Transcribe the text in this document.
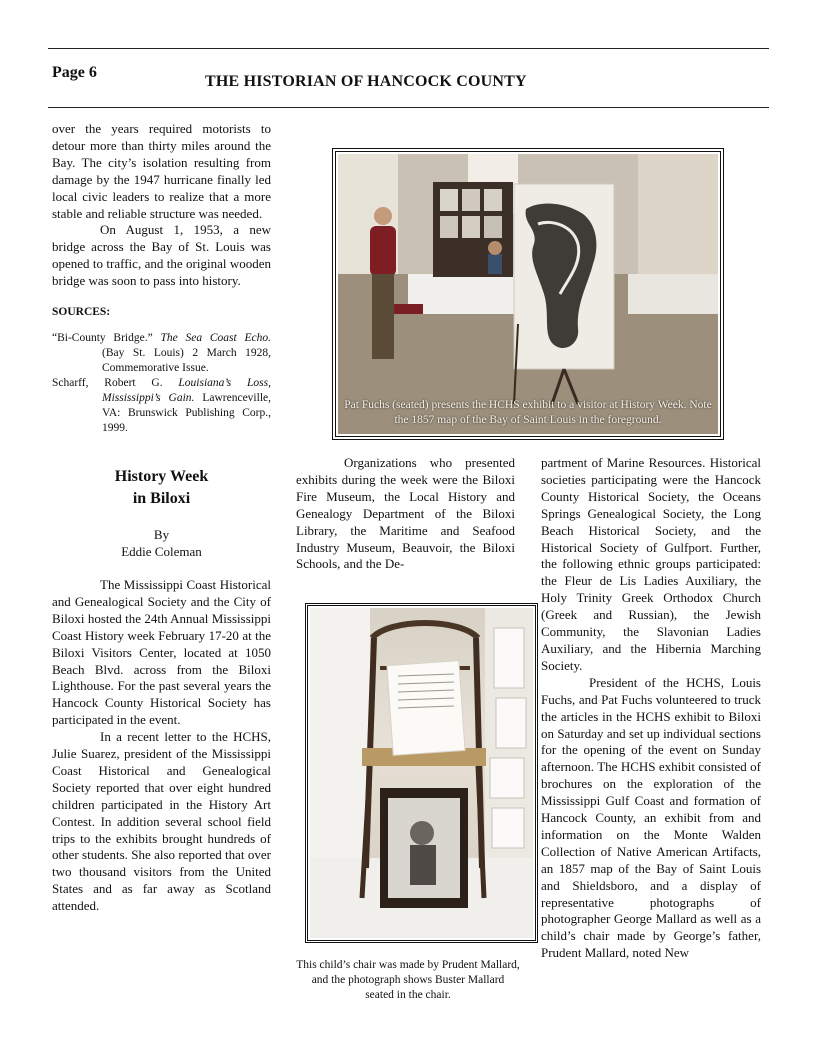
Page 6
THE HISTORIAN OF HANCOCK COUNTY

over the years required motorists to detour more than thirty miles around the Bay. The city’s isolation resulting from damage by the 1947 hurricane finally led local civic leaders to realize that a more stable and reliable structure was needed.

On August 1, 1953, a new bridge across the Bay of St. Louis was opened to traffic, and the original wooden bridge was soon to pass into history.

SOURCES:

“Bi-County Bridge.” The Sea Coast Echo. (Bay St. Louis) 2 March 1928, Commemorative Issue.

Scharff, Robert G. Louisiana’s Loss, Mississippi’s Gain. Lawrenceville, VA: Brunswick Publishing Corp., 1999.

History Week
in Biloxi
By
Eddie Coleman

The Mississippi Coast Historical and Genealogical Society and the City of Biloxi hosted the 24th Annual Mississippi Coast History week February 17-20 at the Biloxi Visitors Center, located at 1050 Beach Blvd. across from the Biloxi Lighthouse. For the past several years the Hancock County Historical Society has participated in the event.

In a recent letter to the HCHS, Julie Suarez, president of the Mississippi Coast Historical and Genealogical Society reported that over eight hundred children participated in the History Art Contest. In addition several school field trips to the exhibits brought hundreds of other students. She also reported that over two thousand visitors from the United States and as far away as Scotland attended.

Pat Fuchs (seated) presents the HCHS exhibit to a visitor at History Week. Note the 1857 map of the Bay of Saint Louis in the foreground.

Organizations who presented exhibits during the week were the Biloxi Fire Museum, the Local History and Genealogy Department of the Biloxi Library, the Maritime and Seafood Industry Museum, Beauvoir, the Biloxi Schools, and the De-

This child’s chair was made by Prudent Mallard, and the photograph shows Buster Mallard seated in the chair.

partment of Marine Resources. Historical societies participating were the Hancock County Historical Society, the Oceans Springs Genealogical Society, the Long Beach Historical Society, and the Historical Society of Gulfport. Further, the following ethnic groups participated: the Fleur de Lis Ladies Auxiliary, the Holy Trinity Greek Orthodox Church (Greek and Russian), the Jewish Community, the Slavonian Ladies Auxiliary, and the Hibernia Marching Society.

President of the HCHS, Louis Fuchs, and Pat Fuchs volunteered to truck the articles in the HCHS exhibit to Biloxi on Saturday and set up individual sections for the opening of the event on Sunday afternoon. The HCHS exhibit consisted of brochures on the exploration of the Mississippi Gulf Coast and formation of Hancock County, an exhibit from and information on the Monte Walden Collection of Native American Artifacts, an 1857 map of the Bay of Saint Louis and Shieldsboro, and a display of representative photographs of photographer George Mallard as well as a child’s chair made by George’s father, Prudent Mallard, noted New
